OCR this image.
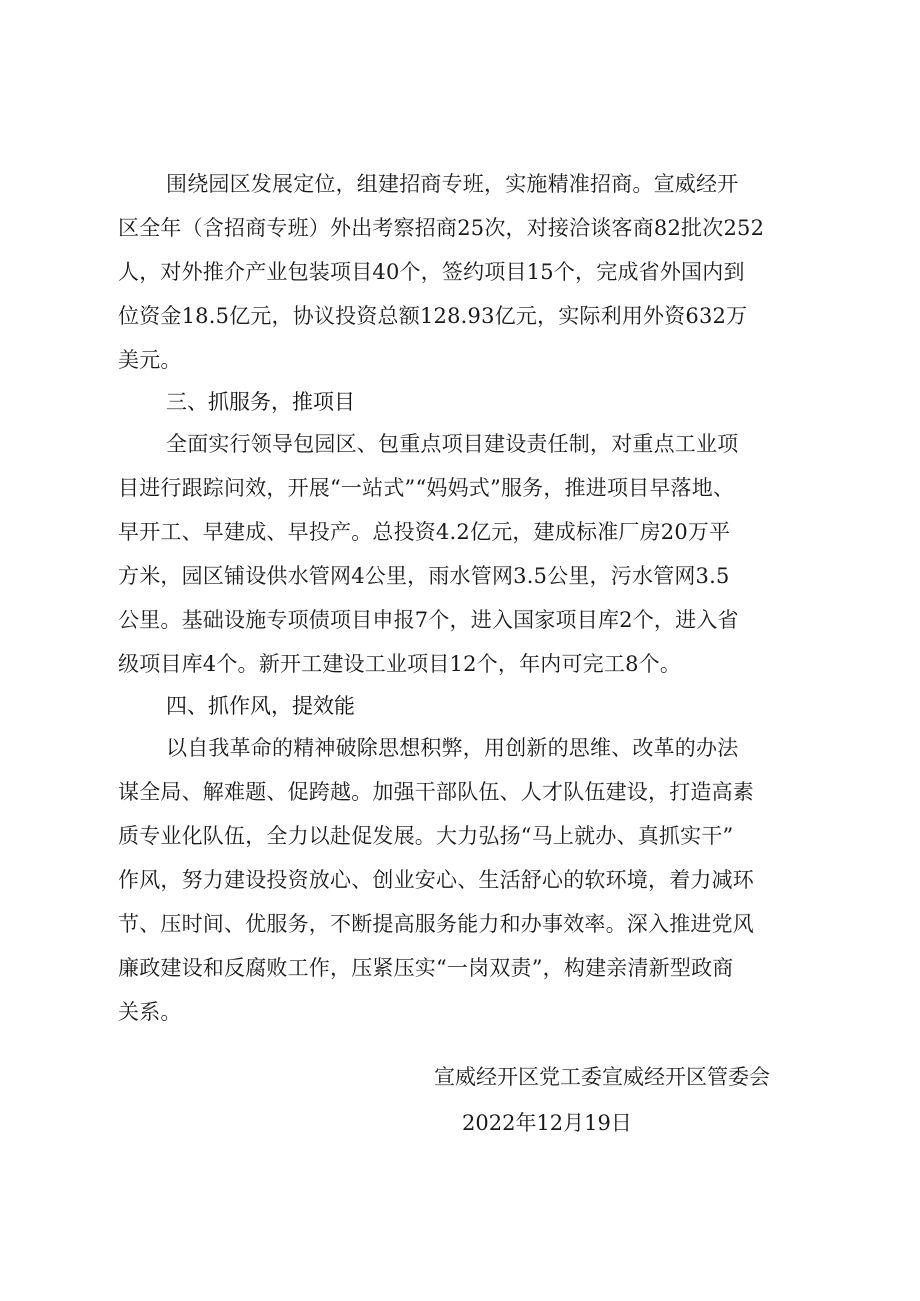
围绕园区发展定位，组建招商专班，实施精准招商。宣威经开
区全年（含招商专班）外出考察招商25次，对接洽谈客商82批次252
人，对外推介产业包装项目40个，签约项目15个，完成省外国内到
位资金18.5亿元，协议投资总额128.93亿元，实际利用外资632万
美元。
三、抓服务，推项目
全面实行领导包园区、包重点项目建设责任制，对重点工业项
目进行跟踪问效，开展“一站式”“妈妈式”服务，推进项目早落地、
早开工、早建成、早投产。总投资4.2亿元，建成标准厂房20万平
方米，园区铺设供水管网4公里，雨水管网3.5公里，污水管网3.5
公里。基础设施专项债项目申报7个，进入国家项目库2个，进入省
级项目库4个。新开工建设工业项目12个，年内可完工8个。
四、抓作风，提效能
以自我革命的精神破除思想积弊，用创新的思维、改革的办法
谋全局、解难题、促跨越。加强干部队伍、人才队伍建设，打造高素
质专业化队伍，全力以赴促发展。大力弘扬“马上就办、真抓实干”
作风，努力建设投资放心、创业安心、生活舒心的软环境，着力减环
节、压时间、优服务，不断提高服务能力和办事效率。深入推进党风
廉政建设和反腐败工作，压紧压实“一岗双责”，构建亲清新型政商
关系。
宣威经开区党工委宣威经开区管委会
2022年12月19日
